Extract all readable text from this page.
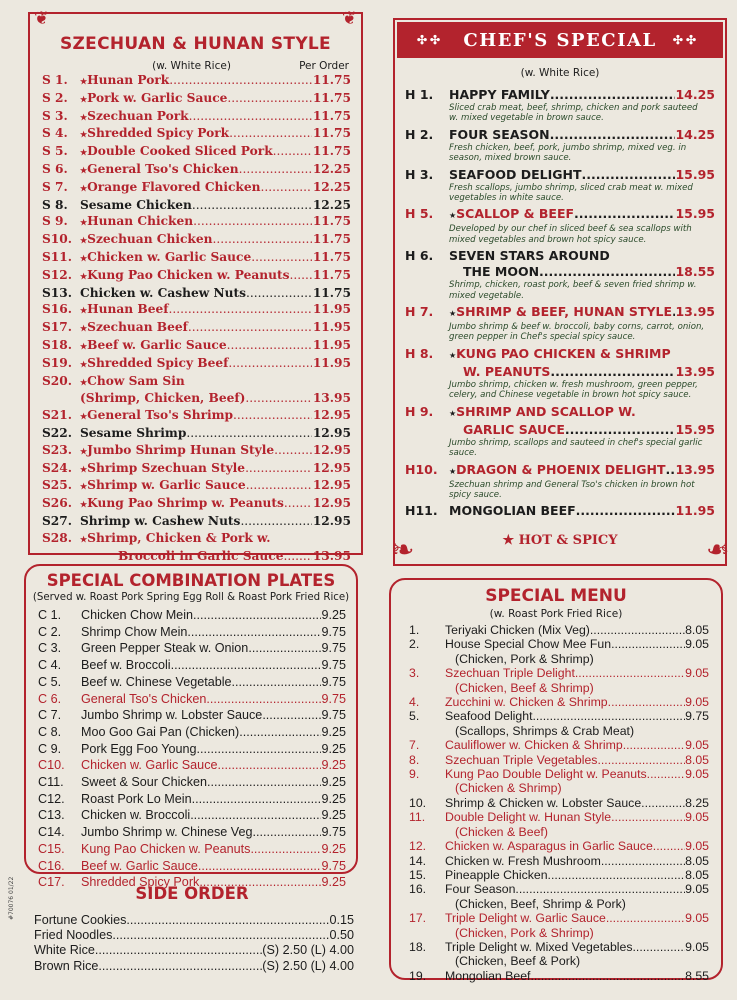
❦	❦
SZECHUAN & HUNAN STYLE
(w. White Rice)	Per Order
S 1.	★ Hunan Pork .....	11.75
S 2.	★ Pork w. Garlic Sauce .....	11.75
S 3.	★ Szechuan Pork .....	11.75
S 4.	★ Shredded Spicy Pork .....	11.75
S 5.	★ Double Cooked Sliced Pork .....	11.75
S 6.	★ General Tso's Chicken .....	12.25
S 7.	★ Orange Flavored Chicken .....	12.25
S 8.	Sesame Chicken .....	12.25
S 9.	★ Hunan Chicken .....	11.75
S10. ★ Szechuan Chicken .....	11.75
S11. ★ Chicken w. Garlic Sauce .....	11.75
S12. ★ Kung Pao Chicken w. Peanuts ..... 11.75
S13. Chicken w. Cashew Nuts .....	11.75
S16. ★ Hunan Beef .....	11.95
S17. ★ Szechuan Beef .....	11.95
S18. ★ Beef w. Garlic Sauce .....	11.95
S19. ★ Shredded Spicy Beef .....	11.95
S20. ★ Chow Sam Sin
(Shrimp, Chicken, Beef) .....	13.95
S21. ★ General Tso's Shrimp .....	12.95
S22. Sesame Shrimp .....	12.95
S23. ★ Jumbo Shrimp Hunan Style .....	12.95
S24. ★ Shrimp Szechuan Style .....	12.95
S25. ★ Shrimp w. Garlic Sauce .....	12.95
S26. ★ Kung Pao Shrimp w. Peanuts ..... 12.95
S27. Shrimp w. Cashew Nuts .....	12.95
S28. ★ Shrimp, Chicken & Pork w.
Broccoli in Garlic Sauce ..... 13.95
✣✣ CHEF'S SPECIAL ✣✣
(w. White Rice)
H 1.	HAPPY FAMILY .....	14.25
Sliced crab meat, beef, shrimp, chicken and pork sauteed w. mixed vegetable in brown sauce.
H 2.	FOUR SEASON .....	14.25
Fresh chicken, beef, pork, jumbo shrimp, mixed veg. in season, mixed brown sauce.
H 3.	SEAFOOD DELIGHT .....	15.95
Fresh scallops, jumbo shrimp, sliced crab meat w. mixed vegetables in white sauce.
H 5.	★ SCALLOP & BEEF .....	15.95
Developed by our chef in sliced beef & sea scallops with mixed vegetables and brown hot spicy sauce.
H 6.	SEVEN STARS AROUND
THE MOON .....	18.55
Shrimp, chicken, roast pork, beef & seven fried shrimp w. mixed vegetable.
H 7.	★ SHRIMP & BEEF, HUNAN STYLE ..... 13.95
Jumbo shrimp & beef w. broccoli, baby corns, carrot, onion, green pepper in Chef's special spicy sauce.
H 8.	★ KUNG PAO CHICKEN & SHRIMP
W. PEANUTS .....	13.95
Jumbo shrimp, chicken w. fresh mushroom, green pepper, celery, and Chinese vegetable in brown hot spicy sauce.
H 9.	★ SHRIMP AND SCALLOP W.
GARLIC SAUCE .....	15.95
Jumbo shrimp, scallops and sauteed in chef's special garlic sauce.
H10.	★ DRAGON & PHOENIX DELIGHT ..... 13.95
Szechuan shrimp and General Tso's chicken in brown hot spicy sauce.
H11. MONGOLIAN BEEF .....	11.95
★ HOT & SPICY
❧	❧
SPECIAL COMBINATION PLATES
(Served w. Roast Pork Spring Egg Roll & Roast Pork Fried Rice)
C 1.	Chicken Chow Mein .....	9.25
C 2.	Shrimp Chow Mein .....	9.75
C 3.	Green Pepper Steak w. Onion .....	9.75
C 4.	Beef w. Broccoli .....	9.75
C 5.	Beef w. Chinese Vegetable .....	9.75
C 6.	General Tso's Chicken .....	9.75
C 7.	Jumbo Shrimp w. Lobster Sauce .....	9.75
C 8.	Moo Goo Gai Pan (Chicken) .....	9.25
C 9.	Pork Egg Foo Young .....	9.25
C10.	Chicken w. Garlic Sauce .....	9.25
C11.	Sweet & Sour Chicken .....	9.25
C12.	Roast Pork Lo Mein .....	9.25
C13.	Chicken w. Broccoli .....	9.25
C14.	Jumbo Shrimp w. Chinese Veg. .....	9.75
C15.	Kung Pao Chicken w. Peanuts .....	9.25
C16.	Beef w. Garlic Sauce .....	9.75
C17.	Shredded Spicy Pork .....	9.25
SIDE ORDER
#70076 01/22 Fortune Cookies .....	0.15
Fried Noodles .....	0.50
White Rice .....	(S) 2.50 (L) 4.00
Brown Rice .....	(S) 2.50 (L) 4.00
SPECIAL MENU
(w. Roast Pork Fried Rice)
1.	Teriyaki Chicken (Mix Veg) .....	8.05
2.	House Special Chow Mee Fun .....	9.05
(Chicken, Pork & Shrimp)
3.	Szechuan Triple Delight .....	9.05
(Chicken, Beef & Shrimp)
4.	Zucchini w. Chicken & Shrimp .....	9.05
5.	Seafood Delight .....	9.75
(Scallops, Shrimps & Crab Meat)
7.	Cauliflower w. Chicken & Shrimp .....	9.05
8.	Szechuan Triple Vegetables .....	8.05
9.	Kung Pao Double Delight w. Peanuts .....	9.05
(Chicken & Shrimp)
10.	Shrimp & Chicken w. Lobster Sauce .....	8.25
11.	Double Delight w. Hunan Style .....	9.05
(Chicken & Beef)
12.	Chicken w. Asparagus in Garlic Sauce .....	9.05
14.	Chicken w. Fresh Mushroom .....	8.05
15.	Pineapple Chicken .....	8.05
16.	Four Season .....	9.05
(Chicken, Beef, Shrimp & Pork)
17.	Triple Delight w. Garlic Sauce .....	9.05
(Chicken, Pork & Shrimp)
18.	Triple Delight w. Mixed Vegetables .....	9.05
(Chicken, Beef & Pork)
19.	Mongolian Beef .....	8.55
